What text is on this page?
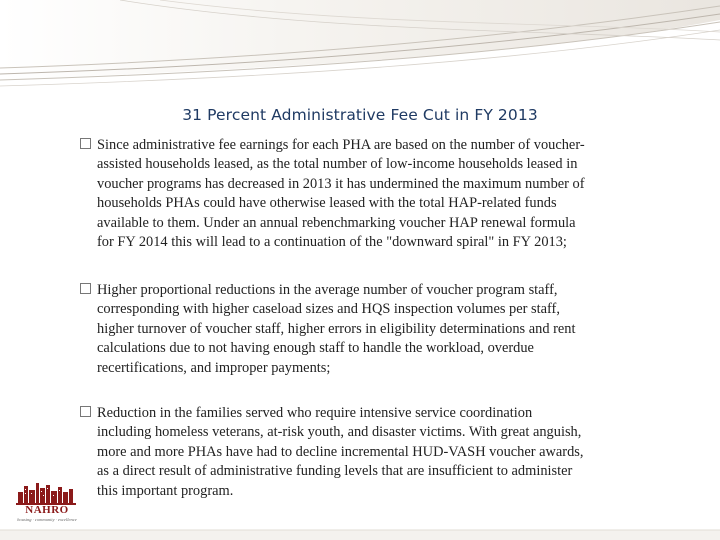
31 Percent Administrative Fee Cut in FY 2013
Since administrative fee earnings for each PHA are based on the number of voucher-
assisted households leased, as the total number of low-income households leased in
voucher programs has decreased in 2013 it has undermined the maximum number of
households PHAs could have otherwise leased with the total HAP-related funds
available to them. Under an annual rebenchmarking voucher HAP renewal formula
for FY 2014 this will lead to a continuation of the "downward spiral" in FY 2013;
Higher proportional reductions in the average number of voucher program staff,
corresponding with higher caseload sizes and HQS inspection volumes per staff,
higher turnover of voucher staff, higher errors in eligibility determinations and rent
calculations due to not having enough staff to handle the workload, overdue
recertifications, and improper payments;
Reduction in the families served who require intensive service coordination
including homeless veterans, at-risk youth, and disaster victims. With great anguish,
more and more PHAs have had to decline incremental HUD-VASH voucher awards,
as a direct result of administrative funding levels that are insufficient to administer
this important program.
NAHRO
housing · community · excellence
